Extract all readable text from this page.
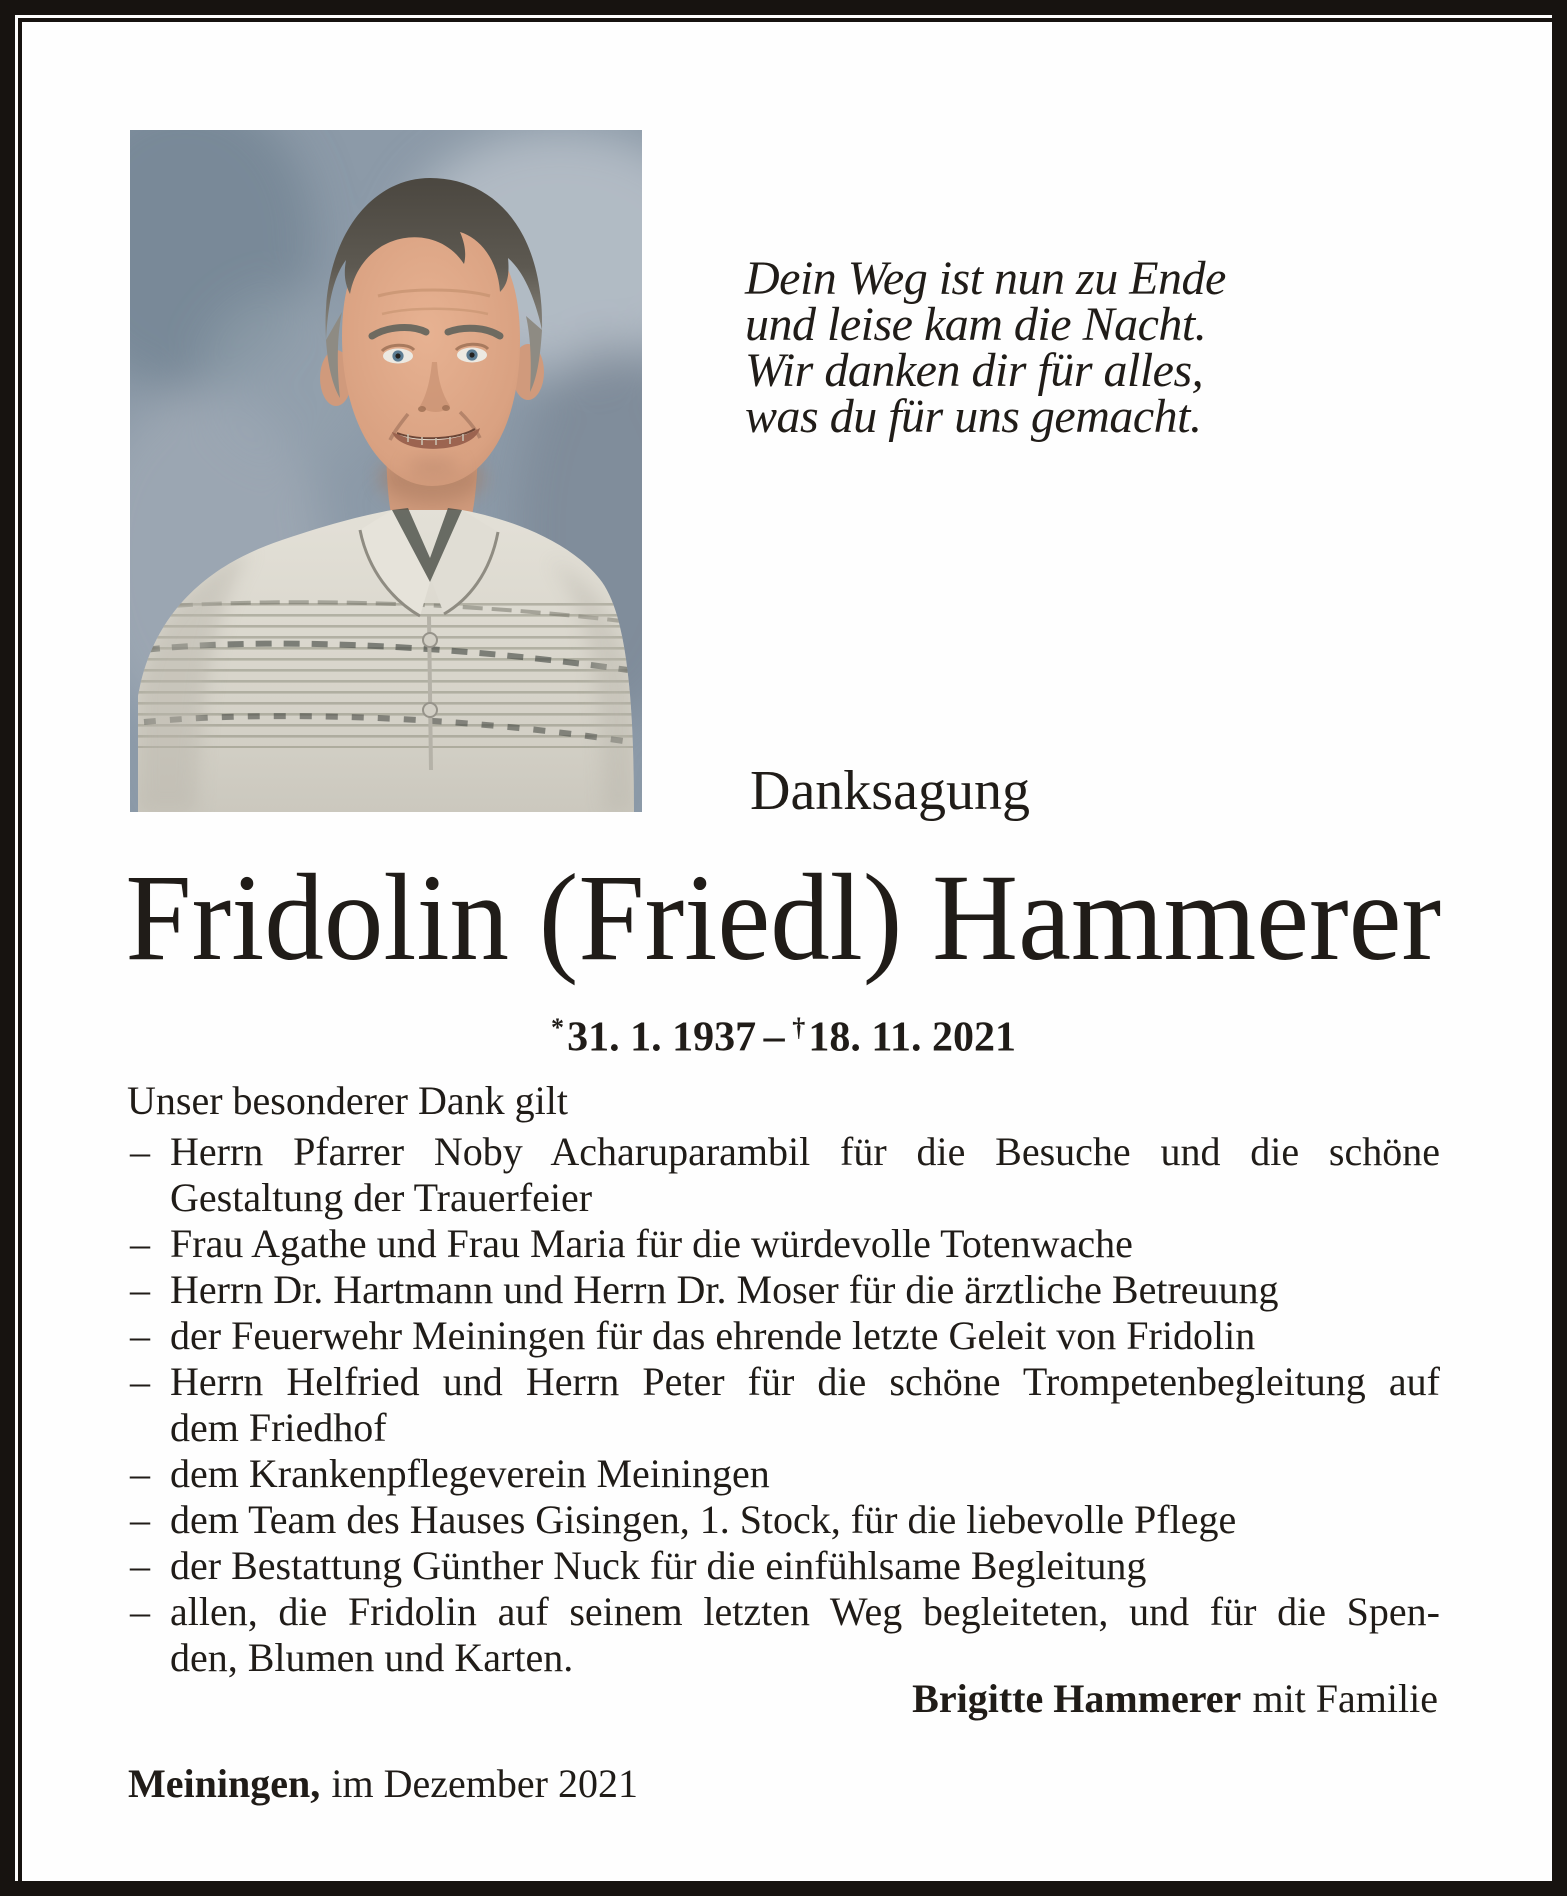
Dein Weg ist nun zu Ende
und leise kam die Nacht.
Wir danken dir für alles,
was du für uns gemacht.
Danksagung
Fridolin (Friedl) Hammerer
*31. 1. 1937 – †18. 11. 2021
Unser besonderer Dank gilt
– Herrn Pfarrer Noby Acharuparambil für die Besuche und die schöne
Gestaltung der Trauerfeier
– Frau Agathe und Frau Maria für die würdevolle Totenwache
– Herrn Dr. Hartmann und Herrn Dr. Moser für die ärztliche Betreuung
– der Feuerwehr Meiningen für das ehrende letzte Geleit von Fridolin
– Herrn Helfried und Herrn Peter für die schöne Trompetenbegleitung auf
dem Friedhof
– dem Krankenpflegeverein Meiningen
– dem Team des Hauses Gisingen, 1. Stock, für die liebevolle Pflege
– der Bestattung Günther Nuck für die einfühlsame Begleitung
– allen, die Fridolin auf seinem letzten Weg begleiteten, und für die Spen-
den, Blumen und Karten.
Brigitte Hammerer mit Familie
Meiningen, im Dezember 2021
